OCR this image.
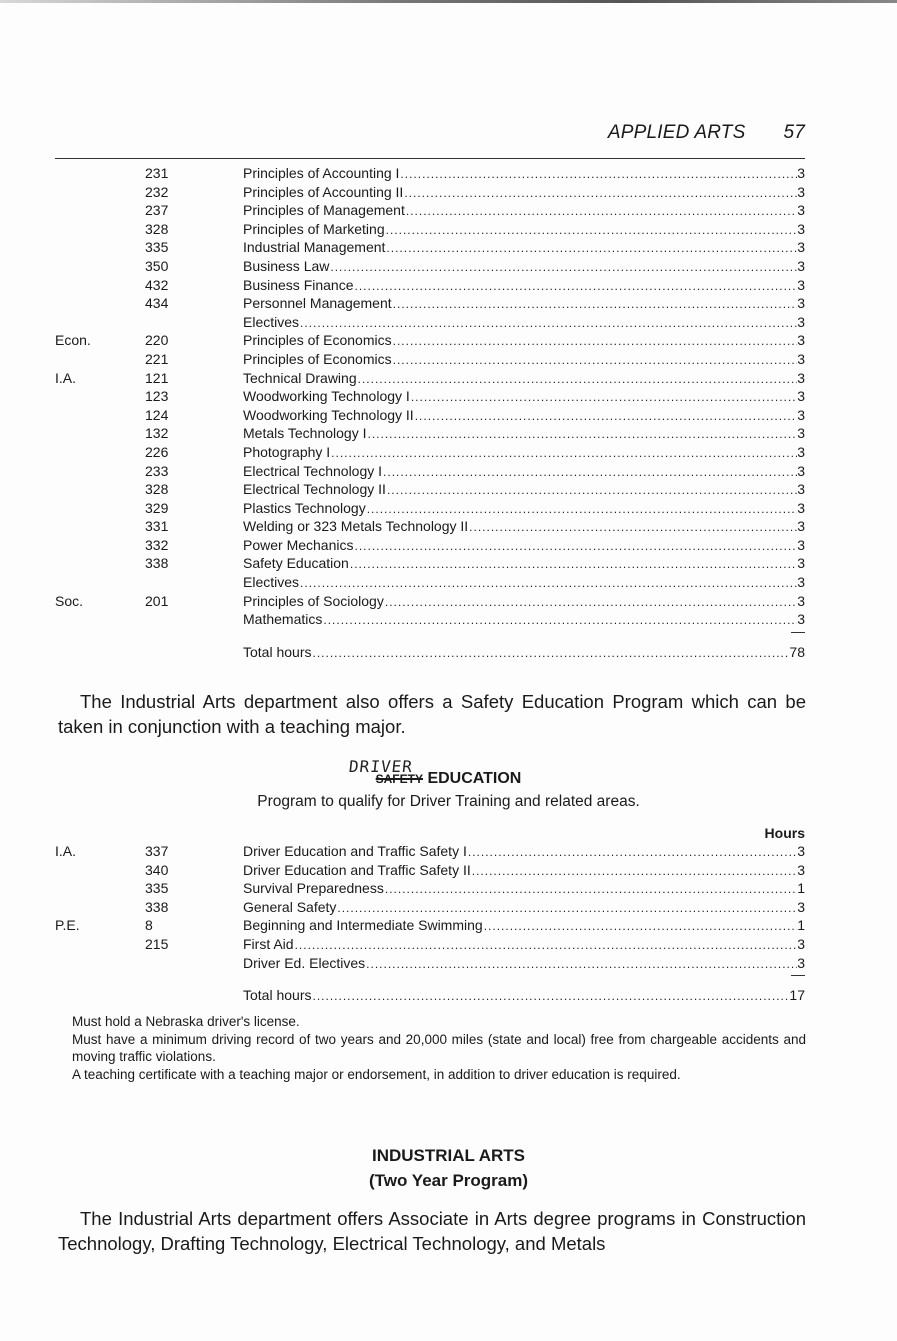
APPLIED ARTS 57
231	Principles of Accounting I .....	3
232	Principles of Accounting II .....	3
237	Principles of Management .....	3
328	Principles of Marketing .....	3
335	Industrial Management .....	3
350	Business Law .....	3
432	Business Finance .....	3
434	Personnel Management .....	3
Electives .....	3
Econ.	220	Principles of Economics .....	3
221	Principles of Economics .....	3
I.A.	121	Technical Drawing .....	3
123	Woodworking Technology I .....	3
124	Woodworking Technology II .....	3
132	Metals Technology I .....	3
226	Photography I .....	3
233	Electrical Technology I .....	3
328	Electrical Technology II .....	3
329	Plastics Technology .....	3
331	Welding or 323 Metals Technology II .....	3
332	Power Mechanics .....	3
338	Safety Education .....	3
Electives .....	3
Soc.	201	Principles of Sociology .....	3
Mathematics .....	3
Total hours .....	78
The Industrial Arts department also offers a Safety Education Program which can be taken in conjunction with a teaching major.
DRIVER
SAFETY EDUCATION
Program to qualify for Driver Training and related areas.
Hours
I.A.	337	Driver Education and Traffic Safety I .....	3
340	Driver Education and Traffic Safety II .....	3
335	Survival Preparedness .....	1
338	General Safety .....	3
P.E.	8	Beginning and Intermediate Swimming .....	1
215	First Aid .....	3
Driver Ed. Electives .....	3
Total hours .....	17

Must hold a Nebraska driver's license.

Must have a minimum driving record of two years and 20,000 miles (state and local) free from chargeable accidents and moving traffic violations.

A teaching certificate with a teaching major or endorsement, in addition to driver education is required.

INDUSTRIAL ARTS
(Two Year Program)
The Industrial Arts department offers Associate in Arts degree programs in Construction Technology, Drafting Technology, Electrical Technology, and Metals
